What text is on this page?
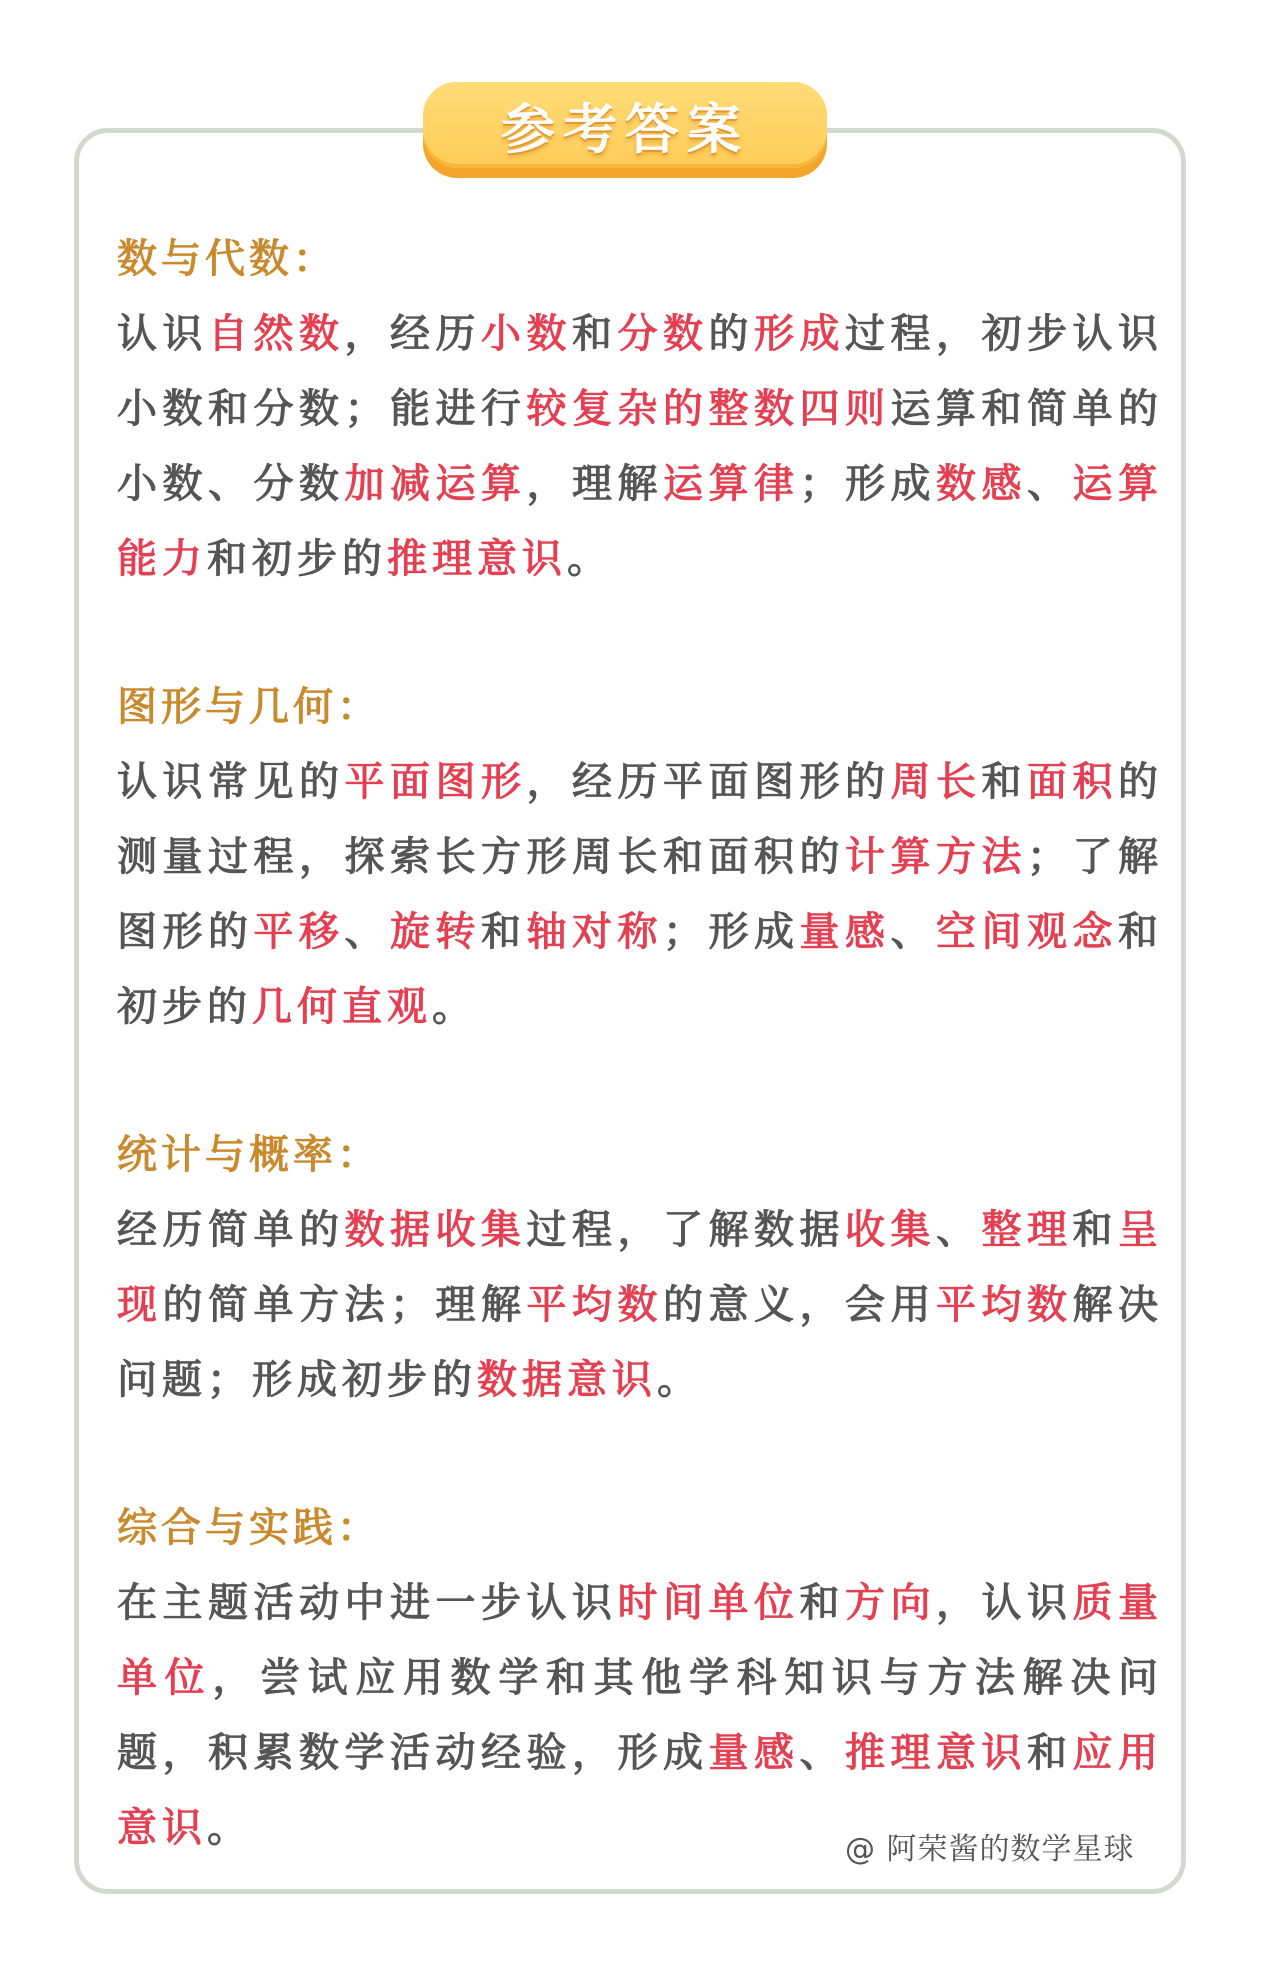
参考答案
数与代数：
认识自然数，经历小数和分数的形成过程，初步认识小数和分数；能进行较复杂的整数四则运算和简单的小数、分数加减运算，理解运算律；形成数感、运算能力和初步的推理意识。
图形与几何：
认识常见的平面图形，经历平面图形的周长和面积的测量过程，探索长方形周长和面积的计算方法；了解图形的平移、旋转和轴对称；形成量感、空间观念和初步的几何直观。
统计与概率：
经历简单的数据收集过程，了解数据收集、整理和呈现的简单方法；理解平均数的意义，会用平均数解决问题；形成初步的数据意识。
综合与实践：
在主题活动中进一步认识时间单位和方向，认识质量单位，尝试应用数学和其他学科知识与方法解决问题，积累数学活动经验，形成量感、推理意识和应用意识。	@ 阿荣酱的数学星球
